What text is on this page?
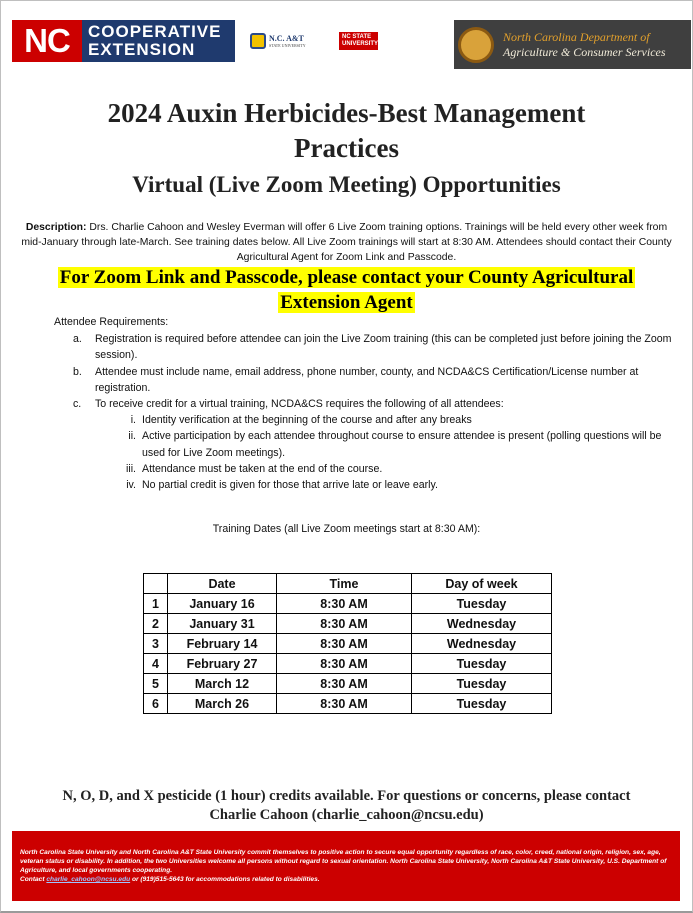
NC	COOPERATIVE
EXTENSION
N.C. A&T
STATE UNIVERSITY
NC STATE
UNIVERSITY
North Carolina Department of
Agriculture & Consumer Services
2024 Auxin Herbicides-Best Management
Practices
Virtual (Live Zoom Meeting) Opportunities
Description: Drs. Charlie Cahoon and Wesley Everman will offer 6 Live Zoom training options. Trainings will be held every other week from mid-January through late-March. See training dates below. All Live Zoom trainings will start at 8:30 AM. Attendees should contact their County Agricultural Agent for Zoom Link and Passcode.
For Zoom Link and Passcode, please contact your County Agricultural
Extension Agent
Attendee Requirements:
a.	Registration is required before attendee can join the Live Zoom training (this can be completed just before joining the Zoom session).
b.	Attendee must include name, email address, phone number, county, and NCDA&CS Certification/License number at registration.
c.	To receive credit for a virtual training, NCDA&CS requires the following of all attendees:
i. Identity verification at the beginning of the course and after any breaks
ii. Active participation by each attendee throughout course to ensure attendee is present (polling questions will be used for Live Zoom meetings).
iii. Attendance must be taken at the end of the course.
iv. No partial credit is given for those that arrive late or leave early.
Training Dates (all Live Zoom meetings start at 8:30 AM):
	Date	Time	Day of week
1	January 16	8:30 AM	Tuesday
2	January 31	8:30 AM	Wednesday
3	February 14	8:30 AM	Wednesday
4	February 27	8:30 AM	Tuesday
5	March 12	8:30 AM	Tuesday
6	March 26	8:30 AM	Tuesday
N, O, D, and X pesticide (1 hour) credits available. For questions or concerns, please contact
Charlie Cahoon (charlie_cahoon@ncsu.edu)
North Carolina State University and North Carolina A&T State University commit themselves to positive action to secure equal opportunity regardless of race, color, creed, national origin, religion, sex, age, veteran status or disability. In addition, the two Universities welcome all persons without regard to sexual orientation. North Carolina State University, North Carolina A&T State University, U.S. Department of Agriculture, and local governments cooperating.
Contact charlie_cahoon@ncsu.edu or (919)515-5643 for accommodations related to disabilities.
